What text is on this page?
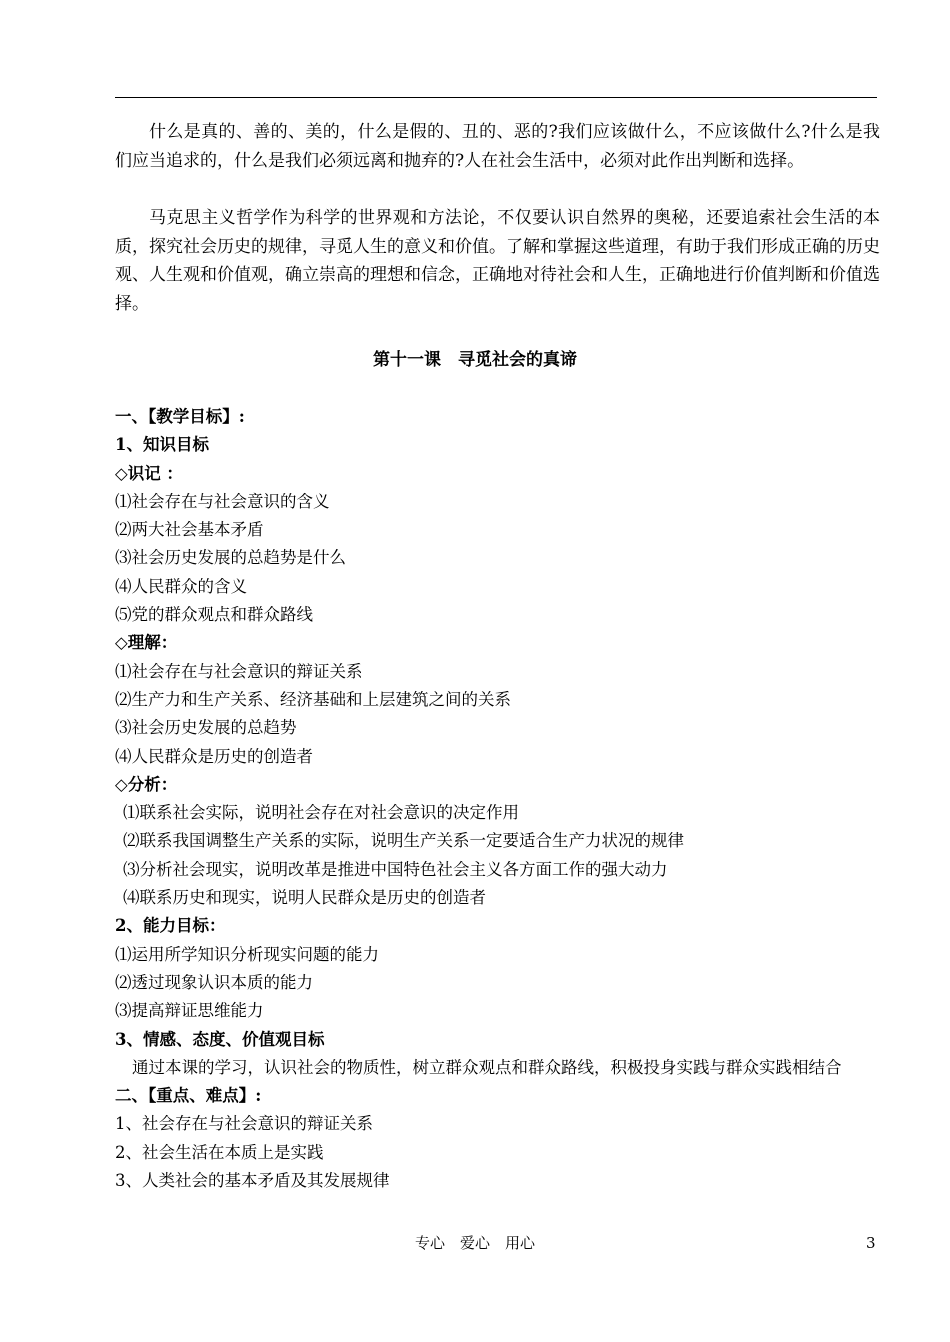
什么是真的、善的、美的，什么是假的、丑的、恶的?我们应该做什么，不应该做什么?什么是我们应当追求的，什么是我们必须远离和抛弃的?人在社会生活中，必须对此作出判断和选择。
马克思主义哲学作为科学的世界观和方法论，不仅要认识自然界的奥秘，还要追索社会生活的本质，探究社会历史的规律，寻觅人生的意义和价值。了解和掌握这些道理，有助于我们形成正确的历史观、人生观和价值观，确立崇高的理想和信念，正确地对待社会和人生，正确地进行价值判断和价值选择。
第十一课　寻觅社会的真谛
一、【教学目标】:
1、知识目标
◇识记 ：
⑴社会存在与社会意识的含义
⑵两大社会基本矛盾
⑶社会历史发展的总趋势是什么
⑷人民群众的含义
⑸党的群众观点和群众路线
◇理解：
⑴社会存在与社会意识的辩证关系
⑵生产力和生产关系、经济基础和上层建筑之间的关系
⑶社会历史发展的总趋势
⑷人民群众是历史的创造者
◇分析：
⑴联系社会实际，说明社会存在对社会意识的决定作用
⑵联系我国调整生产关系的实际，说明生产关系一定要适合生产力状况的规律
⑶分析社会现实，说明改革是推进中国特色社会主义各方面工作的强大动力
⑷联系历史和现实，说明人民群众是历史的创造者
2、能力目标：
⑴运用所学知识分析现实问题的能力
⑵透过现象认识本质的能力
⑶提高辩证思维能力
3、情感、态度、价值观目标
通过本课的学习，认识社会的物质性，树立群众观点和群众路线，积极投身实践与群众实践相结合
二、【重点、难点】:
1、社会存在与社会意识的辩证关系
2、社会生活在本质上是实践
3、人类社会的基本矛盾及其发展规律
专心　爱心　用心	3
